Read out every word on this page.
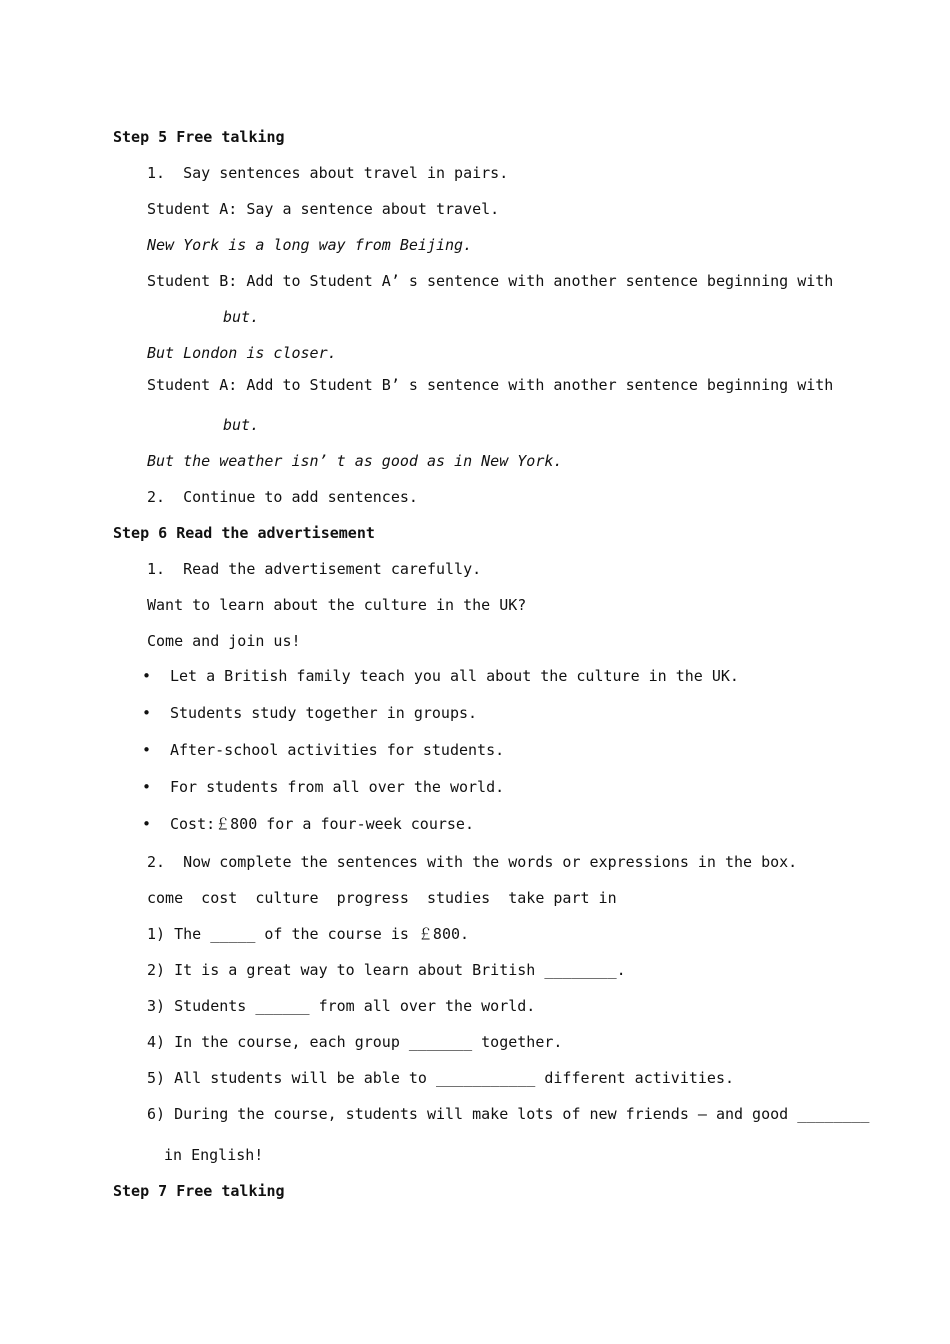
Step 5 Free talking
1.  Say sentences about travel in pairs.
Student A: Say a sentence about travel.
New York is a long way from Beijing.
Student B: Add to Student A’ s sentence with another sentence beginning with
but.
But London is closer.
Student A: Add to Student B’ s sentence with another sentence beginning with
but.
But the weather isn’ t as good as in New York.
2.  Continue to add sentences.
Step 6 Read the advertisement
1.  Read the advertisement carefully.
Want to learn about the culture in the UK?
Come and join us!
• Let a British family teach you all about the culture in the UK.
• Students study together in groups.
• After-school activities for students.
• For students from all over the world.
• Cost:￡800 for a four-week course.
2.  Now complete the sentences with the words or expressions in the box.
come  cost  culture  progress  studies  take part in
1) The _____ of the course is ￡800.
2) It is a great way to learn about British ________.
3) Students ______ from all over the world.
4) In the course, each group _______ together.
5) All students will be able to ___________ different activities.
6) During the course, students will make lots of new friends — and good ________
in English!
Step 7 Free talking
